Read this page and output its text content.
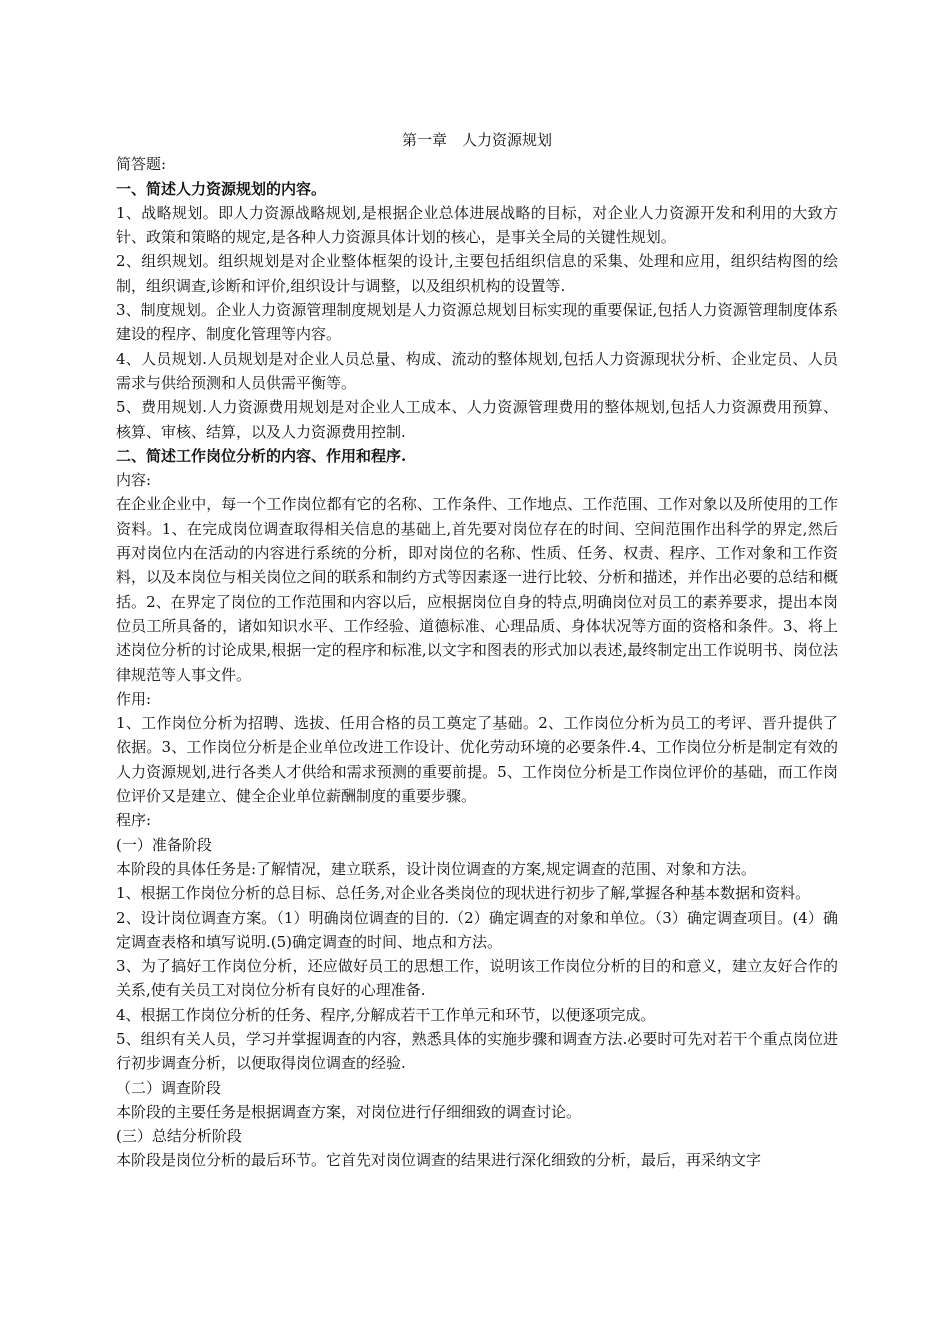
第一章　人力资源规划

简答题:

一、简述人力资源规划的内容。

1、战略规划。即人力资源战略规划,是根据企业总体进展战略的目标，对企业人力资源开发和利用的大致方针、政策和策略的规定,是各种人力资源具体计划的核心，是事关全局的关键性规划。

2、组织规划。组织规划是对企业整体框架的设计,主要包括组织信息的采集、处理和应用，组织结构图的绘制，组织调查,诊断和评价,组织设计与调整，以及组织机构的设置等.

3、制度规划。企业人力资源管理制度规划是人力资源总规划目标实现的重要保证,包括人力资源管理制度体系建设的程序、制度化管理等内容。

4、人员规划.人员规划是对企业人员总量、构成、流动的整体规划,包括人力资源现状分析、企业定员、人员需求与供给预测和人员供需平衡等。

5、费用规划.人力资源费用规划是对企业人工成本、人力资源管理费用的整体规划,包括人力资源费用预算、核算、审核、结算，以及人力资源费用控制.

二、简述工作岗位分析的内容、作用和程序.

内容:

在企业企业中，每一个工作岗位都有它的名称、工作条件、工作地点、工作范围、工作对象以及所使用的工作资料。1、在完成岗位调查取得相关信息的基础上,首先要对岗位存在的时间、空间范围作出科学的界定,然后再对岗位内在活动的内容进行系统的分析，即对岗位的名称、性质、任务、权责、程序、工作对象和工作资料，以及本岗位与相关岗位之间的联系和制约方式等因素逐一进行比较、分析和描述，并作出必要的总结和概括。2、在界定了岗位的工作范围和内容以后，应根据岗位自身的特点,明确岗位对员工的素养要求，提出本岗位员工所具备的，诸如知识水平、工作经验、道德标准、心理品质、身体状况等方面的资格和条件。3、将上述岗位分析的讨论成果,根据一定的程序和标准,以文字和图表的形式加以表述,最终制定出工作说明书、岗位法律规范等人事文件。

作用:

1、工作岗位分析为招聘、选拔、任用合格的员工奠定了基础。2、工作岗位分析为员工的考评、晋升提供了依据。3、工作岗位分析是企业单位改进工作设计、优化劳动环境的必要条件.4、工作岗位分析是制定有效的人力资源规划,进行各类人才供给和需求预测的重要前提。5、工作岗位分析是工作岗位评价的基础，而工作岗位评价又是建立、健全企业单位薪酬制度的重要步骤。

程序:

(一）准备阶段

本阶段的具体任务是:了解情况，建立联系，设计岗位调查的方案,规定调查的范围、对象和方法。

1、根据工作岗位分析的总目标、总任务,对企业各类岗位的现状进行初步了解,掌握各种基本数据和资料。

2、设计岗位调查方案。（1）明确岗位调查的目的.（2）确定调查的对象和单位。（3）确定调查项目。(4）确定调查表格和填写说明.(5)确定调查的时间、地点和方法。

3、为了搞好工作岗位分析，还应做好员工的思想工作，说明该工作岗位分析的目的和意义，建立友好合作的关系,使有关员工对岗位分析有良好的心理准备.

4、根据工作岗位分析的任务、程序,分解成若干工作单元和环节，以便逐项完成。

5、组织有关人员，学习并掌握调查的内容，熟悉具体的实施步骤和调查方法.必要时可先对若干个重点岗位进行初步调查分析，以便取得岗位调查的经验.

（二）调查阶段

本阶段的主要任务是根据调查方案，对岗位进行仔细细致的调查讨论。

(三）总结分析阶段

本阶段是岗位分析的最后环节。它首先对岗位调查的结果进行深化细致的分析，最后，再采纳文字
